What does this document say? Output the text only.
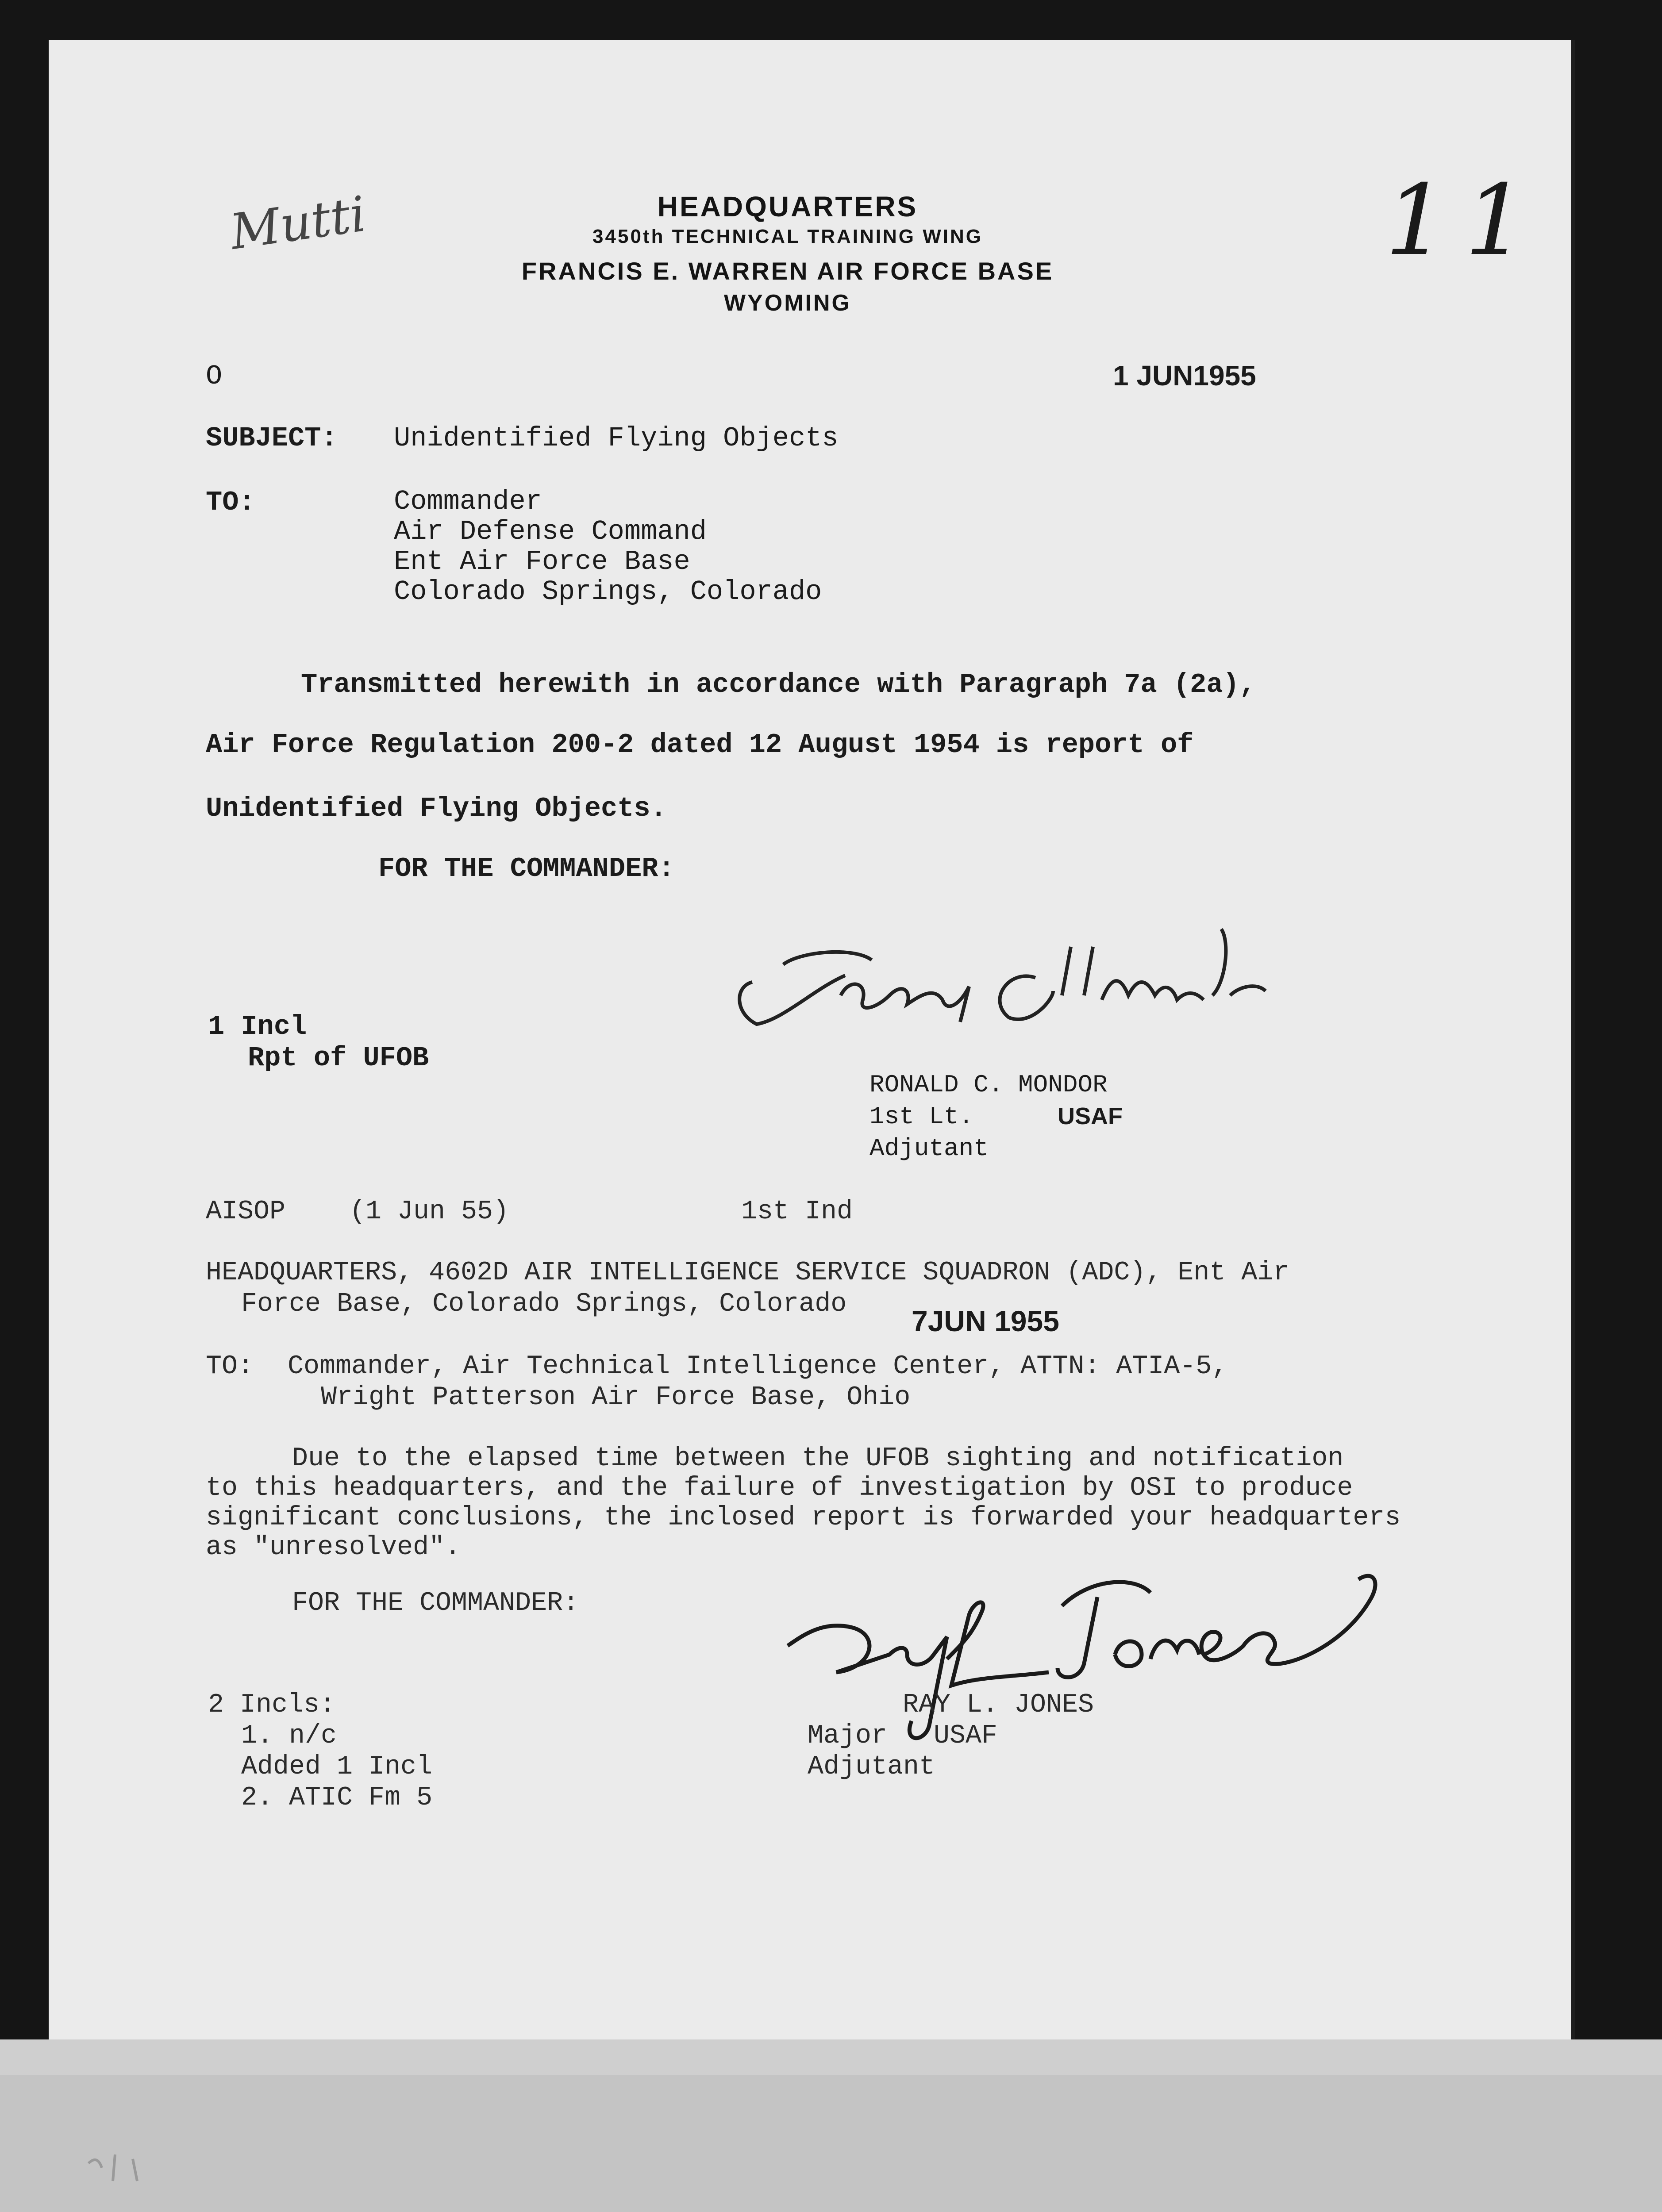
Mutti	11
HEADQUARTERS
3450th TECHNICAL TRAINING WING
FRANCIS E. WARREN AIR FORCE BASE
WYOMING
O	1 JUN1955
SUBJECT: Unidentified Flying Objects
TO:	Commander
Air Defense Command
Ent Air Force Base
Colorado Springs, Colorado
Transmitted herewith in accordance with Paragraph 7a (2a),
Air Force Regulation 200-2 dated 12 August 1954 is report of
Unidentified Flying Objects.
FOR THE COMMANDER:
1 Incl
Rpt of UFOB
RONALD C. MONDOR
1st Lt.	USAF
Adjutant
AISOP (1 Jun 55)	1st Ind
HEADQUARTERS, 4602D AIR INTELLIGENCE SERVICE SQUADRON (ADC), Ent Air
Force Base, Colorado Springs, Colorado
7JUN 1955
TO: Commander, Air Technical Intelligence Center, ATTN: ATIA-5,
Wright Patterson Air Force Base, Ohio
Due to the elapsed time between the UFOB sighting and notification
to this headquarters, and the failure of investigation by OSI to produce
significant conclusions, the inclosed report is forwarded your headquarters
as "unresolved".
FOR THE COMMANDER:
2 Incls:
1. n/c
Added 1 Incl
2. ATIC Fm 5
RAY L. JONES
Major USAF
Adjutant
